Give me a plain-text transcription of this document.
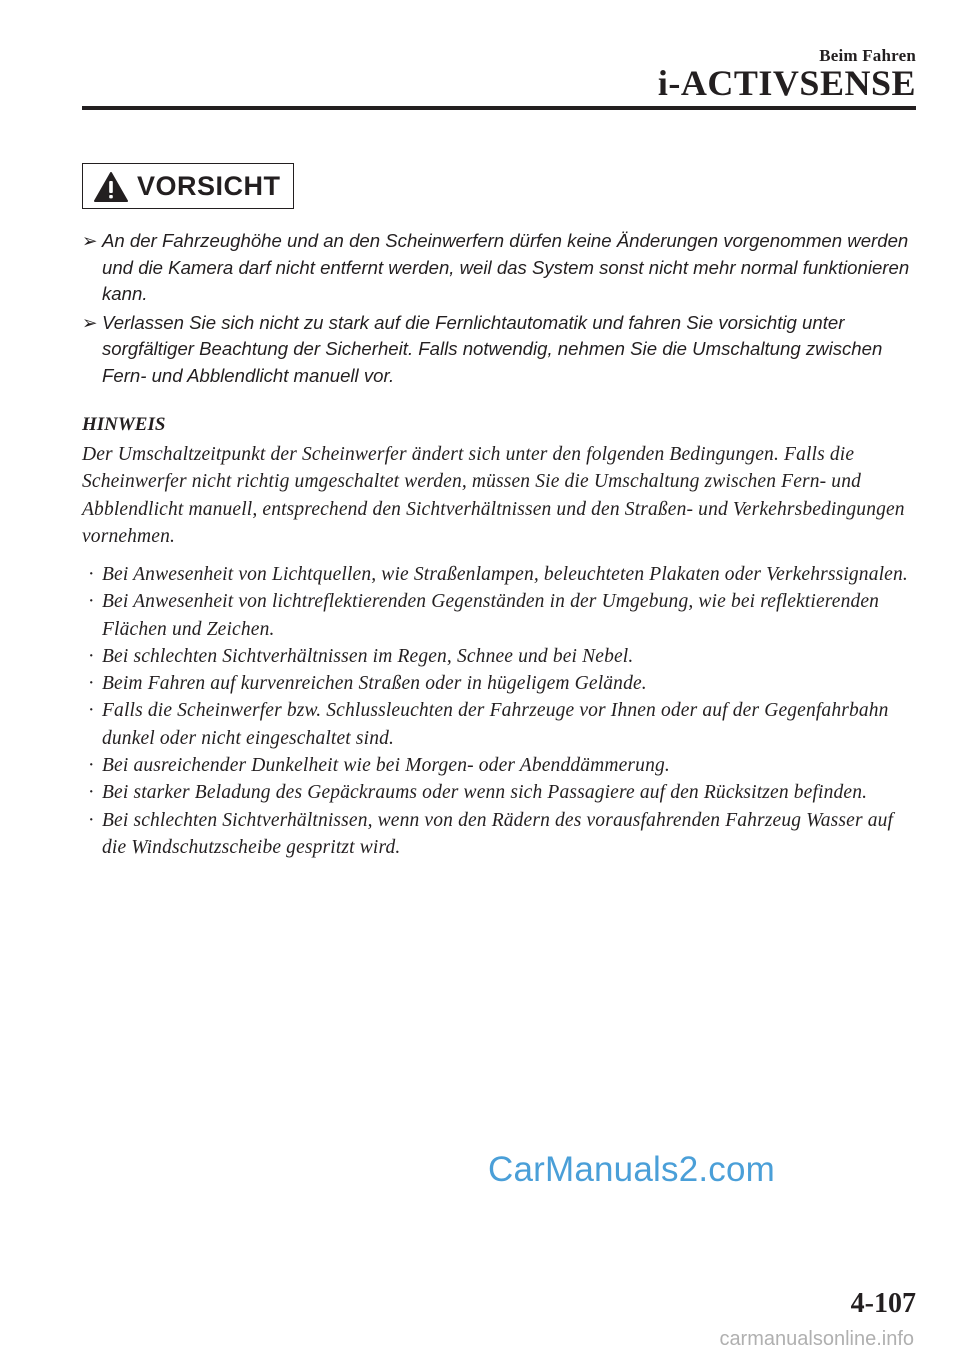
Beim Fahren
i-ACTIVSENSE
VORSICHT
➢ An der Fahrzeughöhe und an den Scheinwerfern dürfen keine Änderungen vorgenommen werden und die Kamera darf nicht entfernt werden, weil das System sonst nicht mehr normal funktionieren kann.
➢ Verlassen Sie sich nicht zu stark auf die Fernlichtautomatik und fahren Sie vorsichtig unter sorgfältiger Beachtung der Sicherheit. Falls notwendig, nehmen Sie die Umschaltung zwischen Fern- und Abblendlicht manuell vor.
HINWEIS

Der Umschaltzeitpunkt der Scheinwerfer ändert sich unter den folgenden Bedingungen. Falls die Scheinwerfer nicht richtig umgeschaltet werden, müssen Sie die Umschaltung zwischen Fern- und Abblendlicht manuell, entsprechend den Sichtverhältnissen und den Straßen- und Verkehrsbedingungen vornehmen.

· Bei Anwesenheit von Lichtquellen, wie Straßenlampen, beleuchteten Plakaten oder Verkehrssignalen.
· Bei Anwesenheit von lichtreflektierenden Gegenständen in der Umgebung, wie bei reflektierenden Flächen und Zeichen.
· Bei schlechten Sichtverhältnissen im Regen, Schnee und bei Nebel.
· Beim Fahren auf kurvenreichen Straßen oder in hügeligem Gelände.
· Falls die Scheinwerfer bzw. Schlussleuchten der Fahrzeuge vor Ihnen oder auf der Gegenfahrbahn dunkel oder nicht eingeschaltet sind.
· Bei ausreichender Dunkelheit wie bei Morgen- oder Abenddämmerung.
· Bei starker Beladung des Gepäckraums oder wenn sich Passagiere auf den Rücksitzen befinden.
· Bei schlechten Sichtverhältnissen, wenn von den Rädern des vorausfahrenden Fahrzeug Wasser auf die Windschutzscheibe gespritzt wird.
CarManuals2.com
4-107
carmanualsonline.info
